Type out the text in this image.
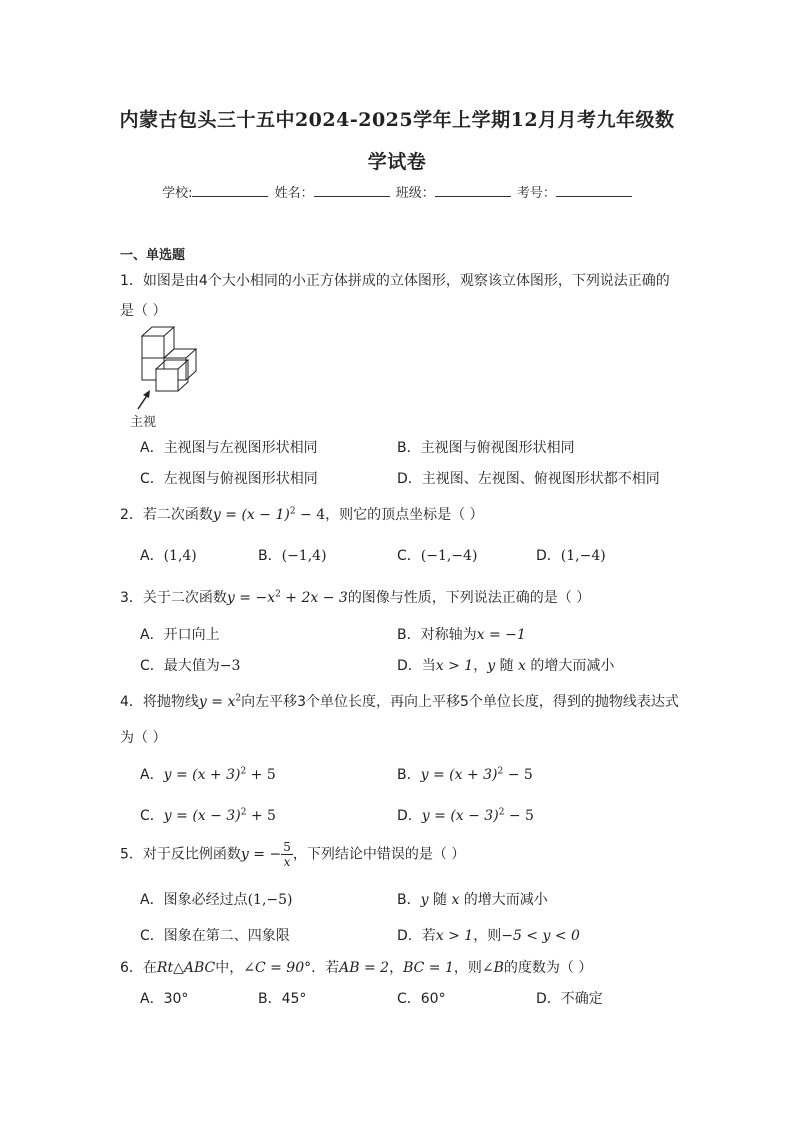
内蒙古包头三十五中2024-2025学年上学期12月月考九年级数
学试卷
学校:	姓名：	班级：	考号：
一、单选题
1．如图是由4个大小相同的小正方体拼成的立体图形，观察该立体图形，下列说法正确的
是（ ）
主视
A．主视图与左视图形状相同	B．主视图与俯视图形状相同
C．左视图与俯视图形状相同	D．主视图、左视图、俯视图形状都不相同
2．若二次函数$y = (x - 1)^2 - 4$，则它的顶点坐标是（ ）
A．(1,4)	B．(−1,4)	C．(−1,−4)	D．(1,−4)
3．关于二次函数$y = -x^2 + 2x - 3$的图像与性质，下列说法正确的是（ ）
A．开口向上	B．对称轴为x = −1
C．最大值为−3	D．当x > 1，y 随 x 的增大而减小
4．将抛物线$y = x^2$向左平移3个单位长度，再向上平移5个单位长度，得到的抛物线表达式
为（ ）
A．$y = (x + 3)^2 + 5$	B．$y = (x + 3)^2 - 5$
C．$y = (x - 3)^2 + 5$	D．$y = (x - 3)^2 - 5$
5．对于反比例函数y = − $\frac{5}{x}$ ，下列结论中错误的是（ ）
A．图象必经过点(1,−5)	B．y 随 x 的增大而减小
C．图象在第二、四象限	D．若x > 1，则−5 < y < 0
6．在Rt△ABC中，∠C = 90°．若AB = 2，BC = 1，则∠B的度数为（ ）
A．30°	B．45°	C．60°	D．不确定
